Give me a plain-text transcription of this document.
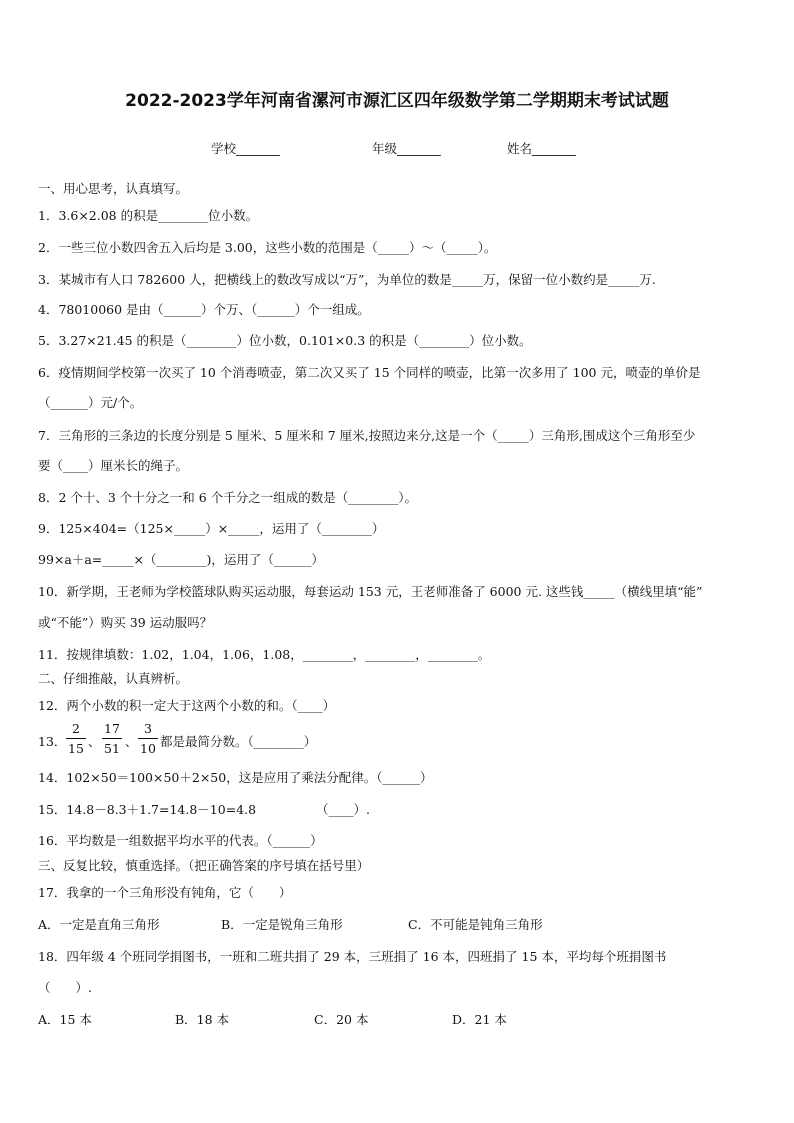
2022-2023学年河南省漯河市源汇区四年级数学第二学期期末考试试题
学校_______	年级_______	姓名_______
一、用心思考，认真填写。
1．3.6×2.08 的积是________位小数。
2．一些三位小数四舍五入后均是 3.00，这些小数的范围是（_____）～（_____）。
3．某城市有人口 782600 人，把横线上的数改写成以“万”，为单位的数是_____万，保留一位小数约是_____万.
4．78010060 是由（______）个万、（______）个一组成。
5．3.27×21.45 的积是（________）位小数，0.101×0.3 的积是（________）位小数。
6．疫情期间学校第一次买了 10 个消毒喷壶，第二次又买了 15 个同样的喷壶，比第一次多用了 100 元，喷壶的单价是
（______）元/个。
7．三角形的三条边的长度分别是 5 厘米、5 厘米和 7 厘米,按照边来分,这是一个（_____）三角形,围成这个三角形至少
要（____）厘米长的绳子。
8．2 个十、3 个十分之一和 6 个千分之一组成的数是（________）。
9．125×404=（125×_____）×_____，运用了（________）
99×a＋a=_____×（________)，运用了（______）
10．新学期，王老师为学校篮球队购买运动服，每套运动 153 元，王老师准备了 6000 元. 这些钱_____（横线里填“能”
或“不能”）购买 39 运动服吗？
11．按规律填数：1.02，1.04，1.06，1.08，________，________，________。
二、仔细推敲，认真辨析。
12．两个小数的积一定大于这两个小数的和。（____）
13．
2
15 、
17
51 、
3
10 都是最简分数。（________）
14．102×50＝100×50＋2×50，这是应用了乘法分配律。（______）
15．14.8－8.3＋1.7=14.8－10=4.8	（____）.
16．平均数是一组数据平均水平的代表。（______）
三、反复比较，慎重选择。（把正确答案的序号填在括号里）
17．我拿的一个三角形没有钝角，它（　　）
A．一定是直角三角形	B．一定是锐角三角形	C．不可能是钝角三角形
18．四年级 4 个班同学捐图书，一班和二班共捐了 29 本，三班捐了 16 本，四班捐了 15 本，平均每个班捐图书
（　　）.
A．15 本	B．18 本	C．20 本	D．21 本
